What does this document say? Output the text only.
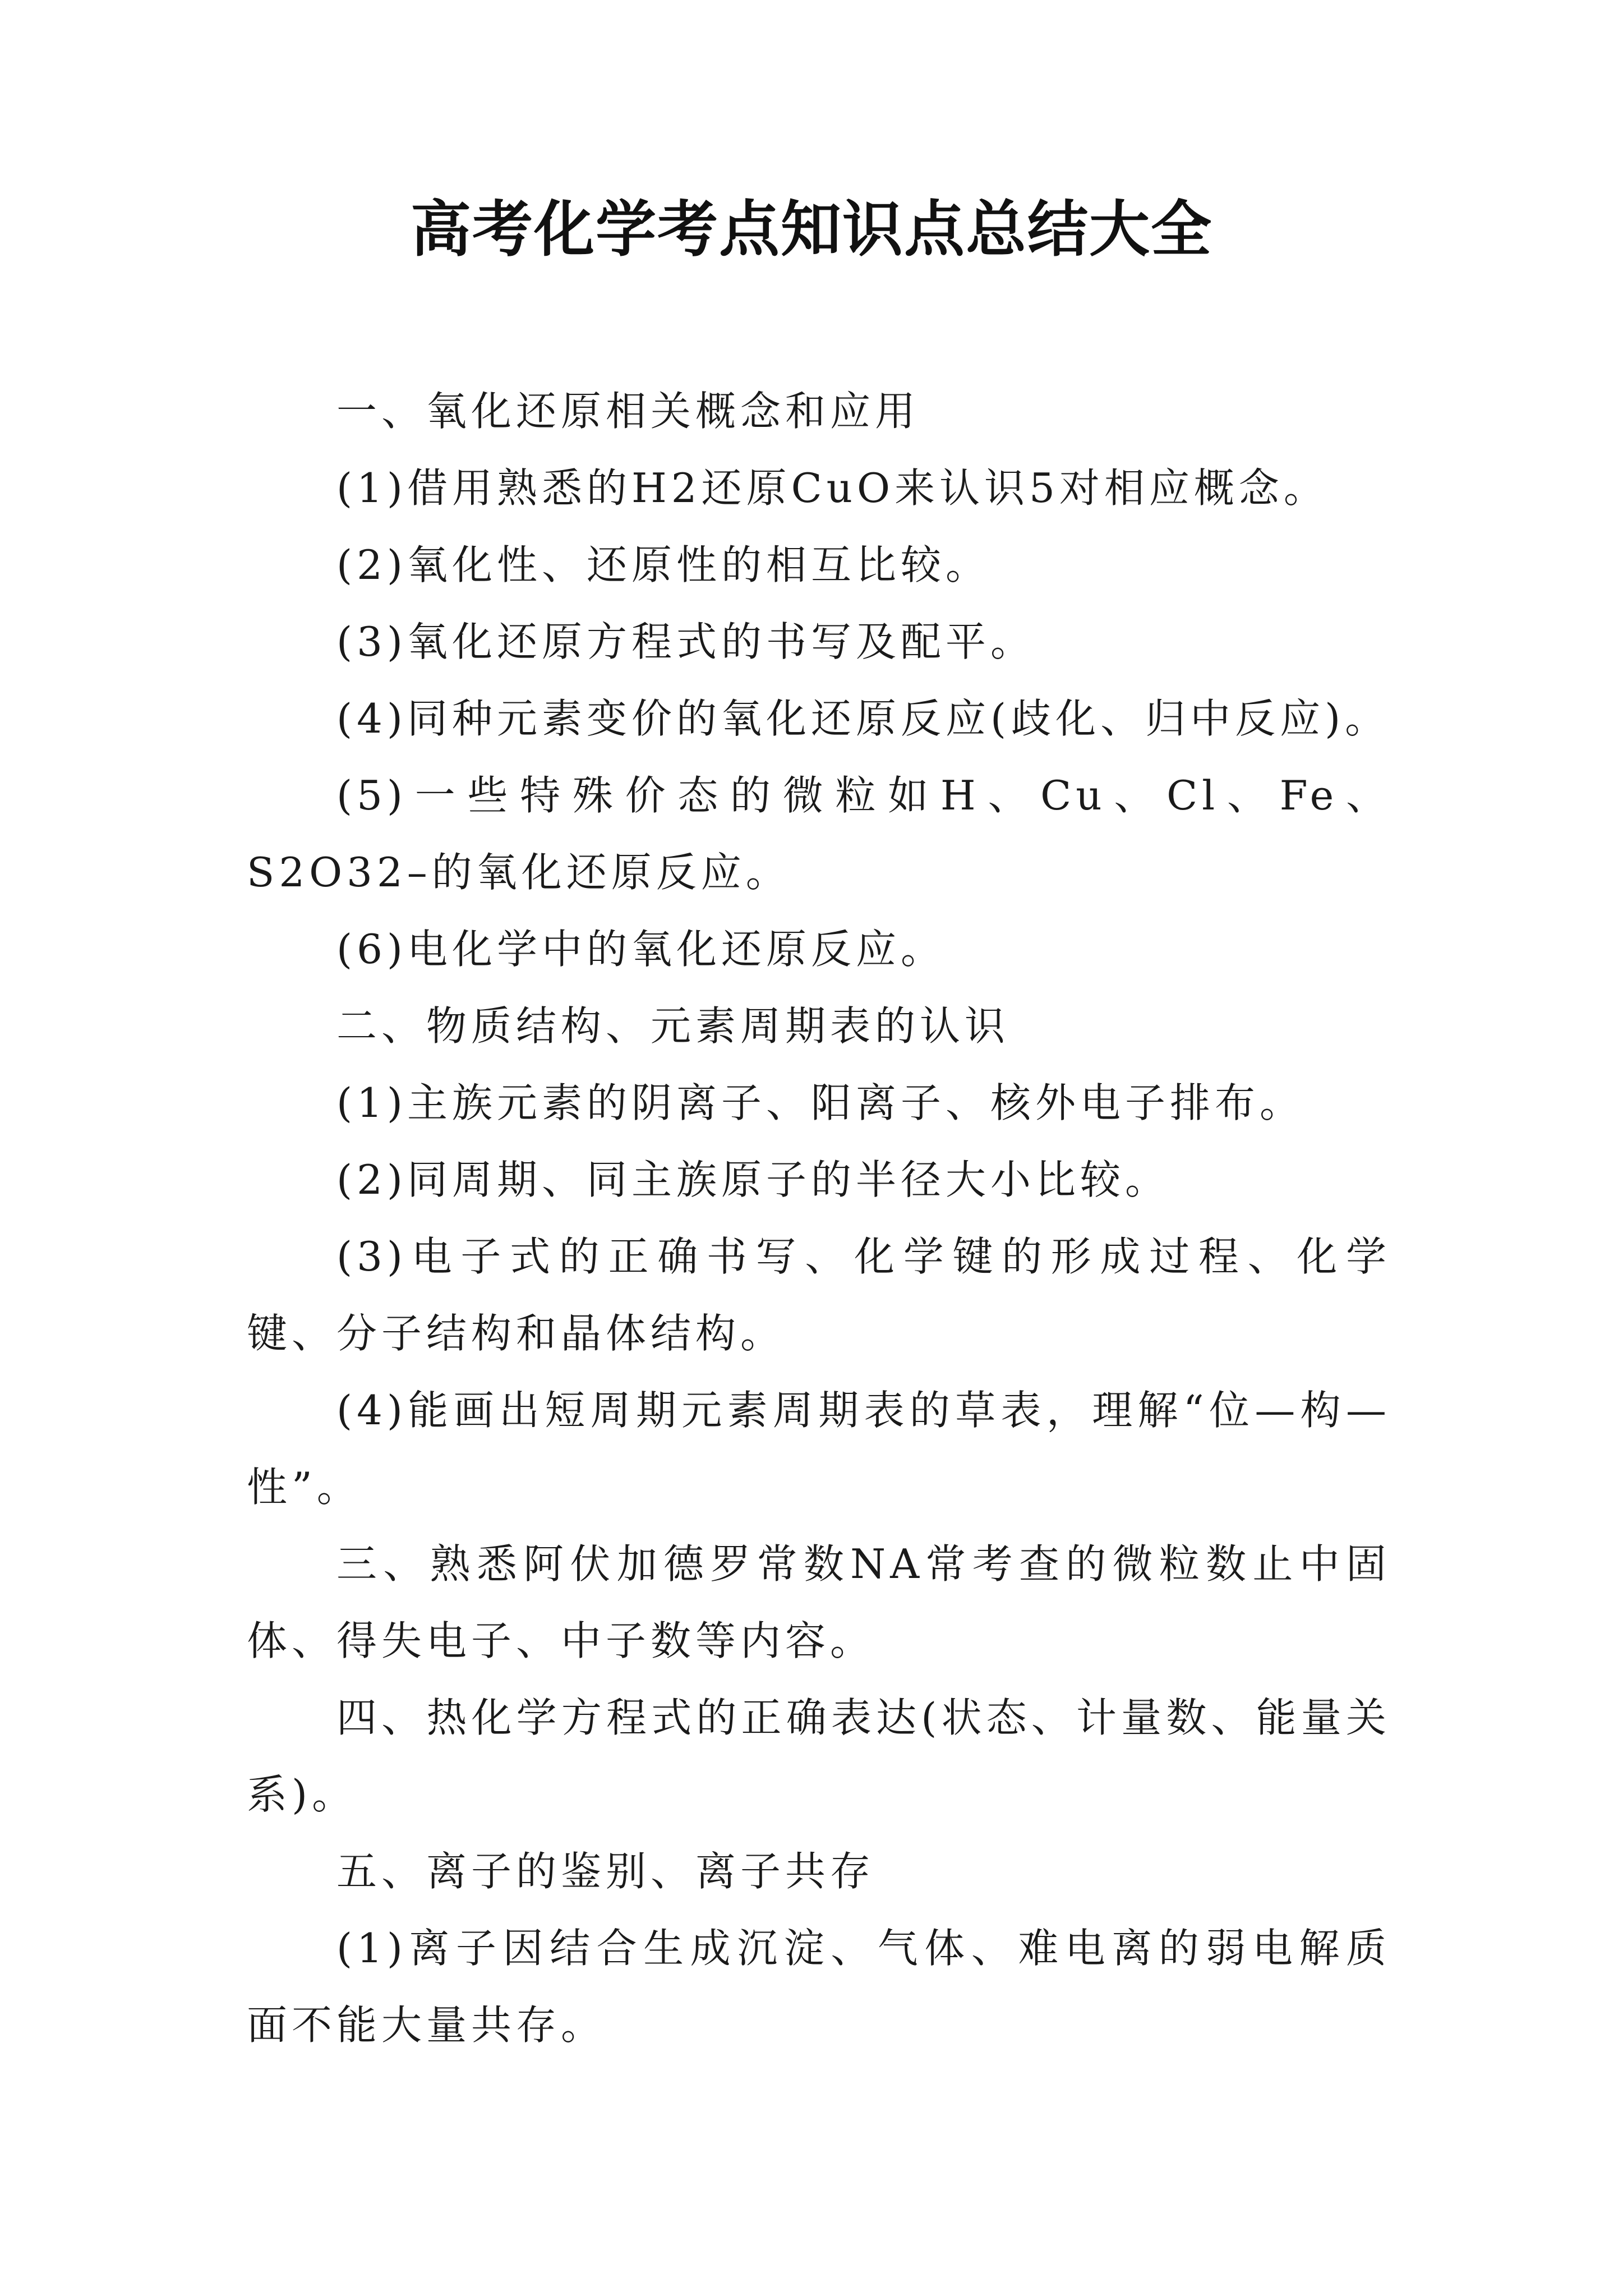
高考化学考点知识点总结大全

一、氧化还原相关概念和应用

(1)借用熟悉的H2还原CuO来认识5对相应概念。

(2)氧化性、还原性的相互比较。

(3)氧化还原方程式的书写及配平。

(4)同种元素变价的氧化还原反应(歧化、归中反应)。

(5)一些特殊价态的微粒如H、Cu、Cl、Fe、S2O32–的氧化还原反应。

(6)电化学中的氧化还原反应。

二、物质结构、元素周期表的认识

(1)主族元素的阴离子、阳离子、核外电子排布。

(2)同周期、同主族原子的半径大小比较。

(3)电子式的正确书写、化学键的形成过程、化学键、分子结构和晶体结构。

(4)能画出短周期元素周期表的草表，理解“位—构—性”。

三、熟悉阿伏加德罗常数NA常考查的微粒数止中固体、得失电子、中子数等内容。

四、热化学方程式的正确表达(状态、计量数、能量关系)。

五、离子的鉴别、离子共存

(1)离子因结合生成沉淀、气体、难电离的弱电解质面不能大量共存。
